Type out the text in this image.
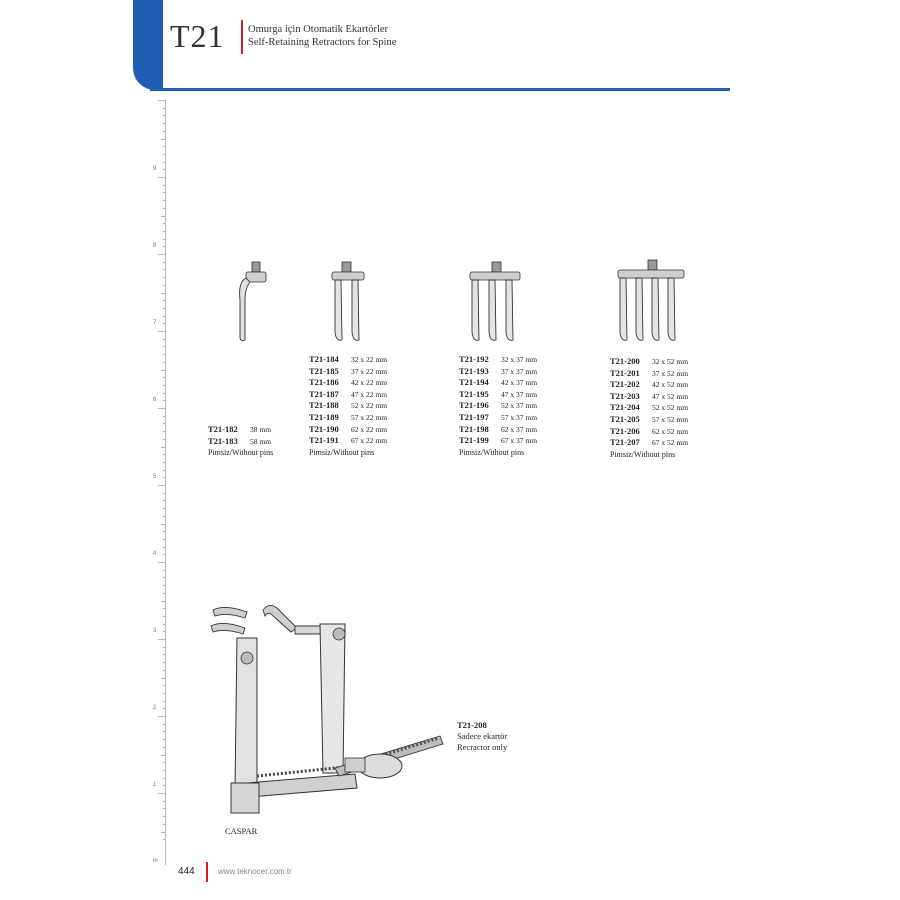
T21 Omurga için Otomatik Ekartörler
Self-Retaining Retractors for Spine
9
8
7
6
5
4
3
2
1
in
T21-182 38 mm
T21-183 58 mm
Pimsiz/Without pins
T21-184 32 x 22 mm
T21-185 37 x 22 mm
T21-186 42 x 22 mm
T21-187 47 x 22 mm
T21-188 52 x 22 mm
T21-189 57 x 22 mm
T21-190 62 x 22 mm
T21-191 67 x 22 mm
Pimsiz/Without pins
T21-192 32 x 37 mm
T21-193 37 x 37 mm
T21-194 42 x 37 mm
T21-195 47 x 37 mm
T21-196 52 x 37 mm
T21-197 57 x 37 mm
T21-198 62 x 37 mm
T21-199 67 x 37 mm
Pimsiz/Without pins
T21-200 32 x 52 mm
T21-201 37 x 52 mm
T21-202 42 x 52 mm
T21-203 47 x 52 mm
T21-204 52 x 52 mm
T21-205 57 x 52 mm
T21-206 62 x 52 mm
T21-207 67 x 52 mm
Pimsiz/Without pins
T21-208
Sadece ekartör
Recractor only
CASPAR
444	www.teknocer.com.tr
